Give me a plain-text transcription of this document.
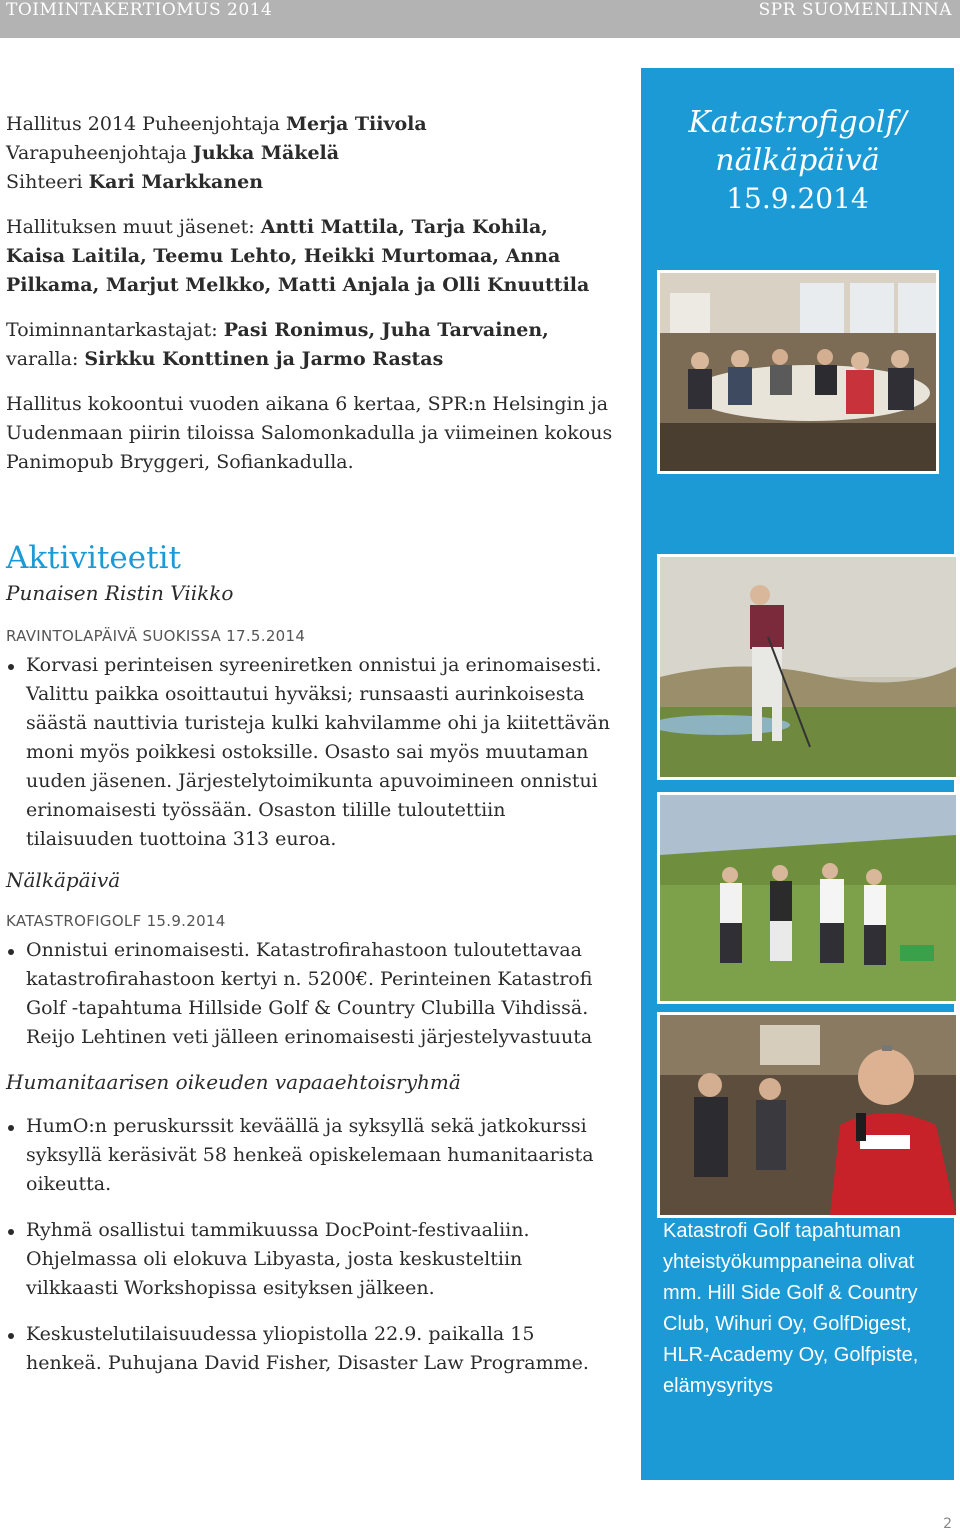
TOIMINTAKERTIOMUS 2014	SPR SUOMENLINNA

Hallitus 2014 Puheenjohtaja Merja Tiivola

Varapuheenjohtaja Jukka Mäkelä

Sihteeri Kari Markkanen

Hallituksen muut jäsenet: Antti Mattila, Tarja Kohila, Kaisa Laitila, Teemu Lehto, Heikki Murtomaa, Anna Pilkama, Marjut Melkko, Matti Anjala ja Olli Knuuttila

Toiminnantarkastajat: Pasi Ronimus, Juha Tarvainen,

varalla: Sirkku Konttinen ja Jarmo Rastas

Hallitus kokoontui vuoden aikana 6 kertaa, SPR:n Helsingin ja Uudenmaan piirin tiloissa Salomonkadulla ja viimeinen kokous Panimopub Bryggeri, Sofiankadulla.

Aktiviteetit

Punaisen Ristin Viikko

RAVINTOLAPÄIVÄ SUOKISSA 17.5.2014

Korvasi perinteisen syreeniretken onnistui ja erinomaisesti. Valittu paikka osoittautui hyväksi; runsaasti aurinkoisesta säästä nauttivia turisteja kulki kahvilamme ohi ja kiitettävän moni myös poikkesi ostoksille. Osasto sai myös muutaman uuden jäsenen. Järjestelytoimikunta apuvoimineen onnistui erinomaisesti työssään. Osaston tilille tuloutettiin tilaisuuden tuottoina 313 euroa.

Nälkäpäivä

KATASTROFIGOLF 15.9.2014

Onnistui erinomaisesti. Katastrofirahastoon tuloutettavaa katastrofirahastoon kertyi n. 5200€. Perinteinen Katastrofi Golf -tapahtuma Hillside Golf & Country Clubilla Vihdissä. Reijo Lehtinen veti jälleen erinomaisesti järjestelyvastuuta

Humanitaarisen oikeuden vapaaehtoisryhmä

HumO:n peruskurssit keväällä ja syksyllä sekä jatkokurssi syksyllä keräsivät 58 henkeä opiskelemaan humanitaarista oikeutta.
Ryhmä osallistui tammikuussa DocPoint-festivaaliin. Ohjelmassa oli elokuva Libyasta, josta keskusteltiin vilkkaasti Workshopissa esityksen jälkeen.
Keskustelutilaisuudessa yliopistolla 22.9. paikalla 15 henkeä. Puhujana David Fisher, Disaster Law Programme.
Katastrofigolf/
nälkäpäivä
15.9.2014
Katastrofi Golf tapahtuman yhteistyökumppaneina olivat mm. Hill Side Golf & Country Club, Wihuri Oy, GolfDigest, HLR-Academy Oy, Golfpiste, elämysyritys
2
